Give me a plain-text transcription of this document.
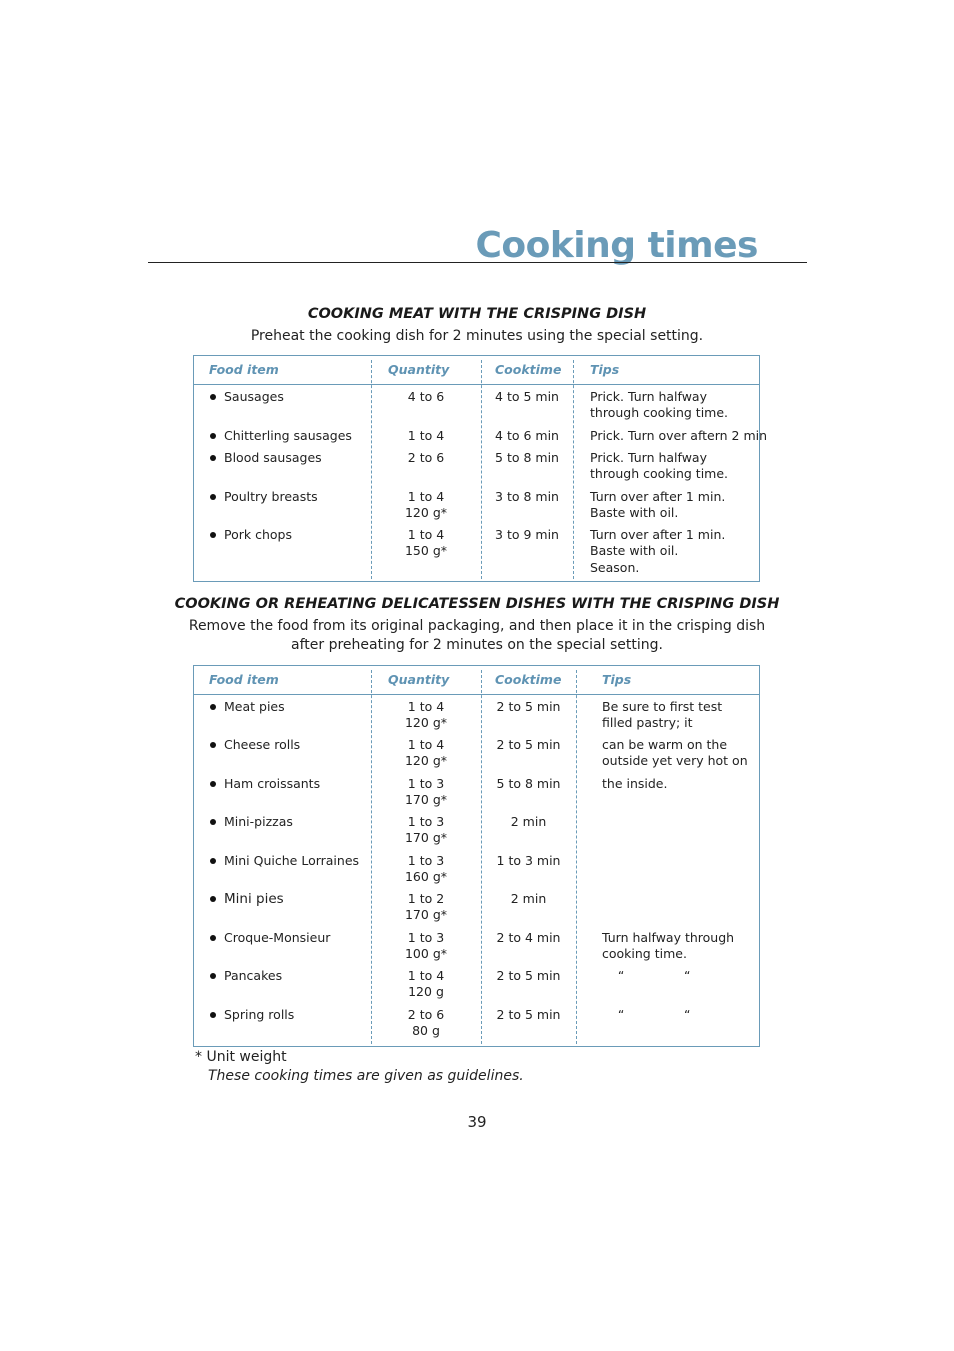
Cooking times

COOKING MEAT WITH THE CRISPING DISH

Preheat the cooking dish for 2 minutes using the special setting.

Food item	Quantity	Cooktime Tips
Sausages	4 to 6	4 to 5 min	Prick. Turn halfway
through cooking time.
Chitterling sausages	1 to 4	4 to 6 min	Prick. Turn over aftern 2 min
Blood sausages	2 to 6	5 to 8 min	Prick. Turn halfway
through cooking time.
Poultry breasts	1 to 4
120 g*
3 to 8 min	Turn over after 1 min.
Baste with oil.
Pork chops	1 to 4
150 g*
3 to 9 min	Turn over after 1 min.
Baste with oil.
Season.

COOKING OR REHEATING DELICATESSEN DISHES WITH THE CRISPING DISH

Remove the food from its original packaging, and then place it in the crisping dish

after preheating for 2 minutes on the special setting.

Food item	Quantity	Cooktime	Tips
Meat pies	1 to 4
120 g*
2 to 5 min	Be sure to first test
filled pastry; it
Cheese rolls	1 to 4
120 g*
2 to 5 min	can be warm on the
outside yet very hot on
Ham croissants	1 to 3
170 g*
5 to 8 min	the inside.
Mini-pizzas	1 to 3
170 g*
2 min
Mini Quiche Lorraines	1 to 3
160 g*
1 to 3 min
Mini pies	1 to 2
170 g*
2 min
Croque-Monsieur	1 to 3
100 g*
2 to 4 min	Turn halfway through
cooking time.
Pancakes	1 to 4
120 g
2 to 5 min	“               “
Spring rolls	2 to 6
80 g
2 to 5 min	“               “

* Unit weight

These cooking times are given as guidelines.

39
